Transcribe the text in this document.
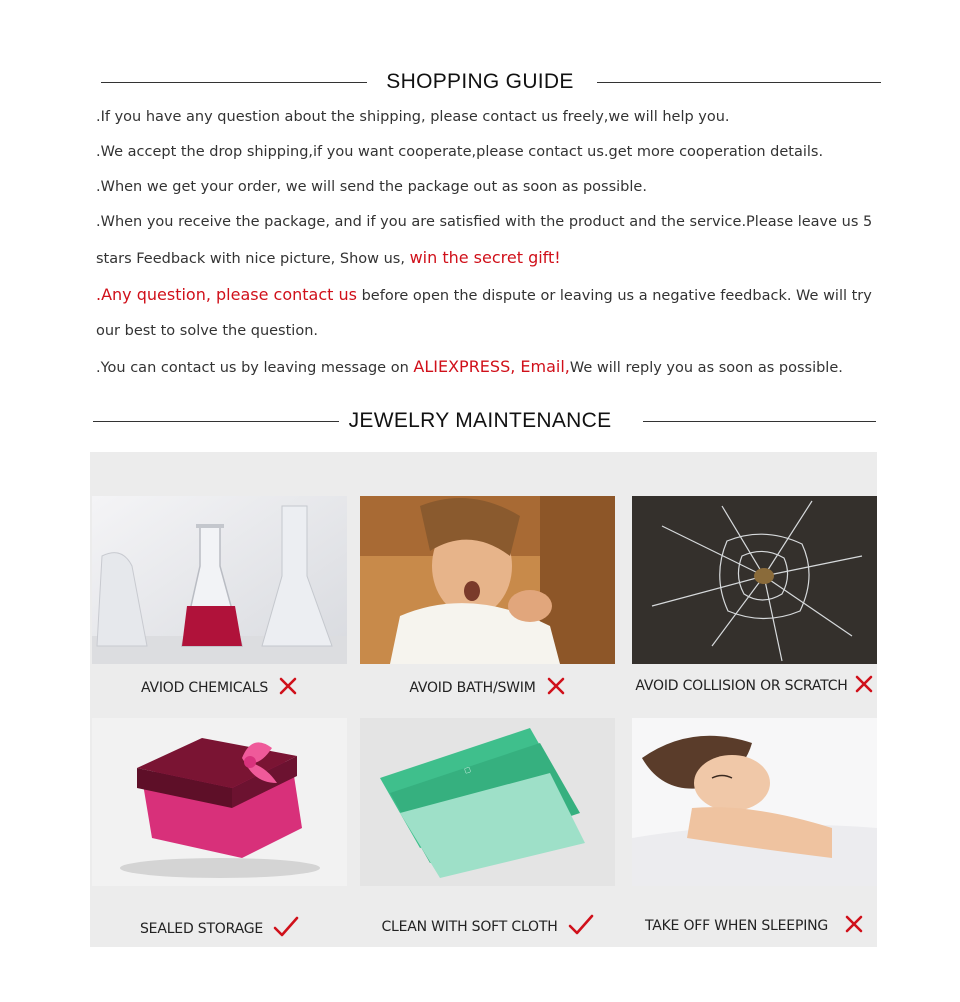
SHOPPING GUIDE

.If you have any question about the shipping, please contact us freely,we will help you.

.We accept the drop shipping,if you want cooperate,please contact us.get more cooperation details.

.When we get your order, we will send the package out as soon as possible.

.When you receive the package, and if you are satisfied with the product and the service.Please leave us 5

stars Feedback with nice picture, Show us, win the secret gift!

.Any question, please contact us before open the dispute or leaving us a negative feedback. We will try

our best to solve the question.

.You can contact us by leaving message on ALIEXPRESS, Email,We will reply you as soon as possible.

JEWELRY MAINTENANCE
AVIOD CHEMICALS	AVOID BATH/SWIM	AVOID COLLISION OR SCRATCH
SEALED STORAGE
▢
CLEAN WITH SOFT CLOTH	TAKE OFF WHEN SLEEPING
